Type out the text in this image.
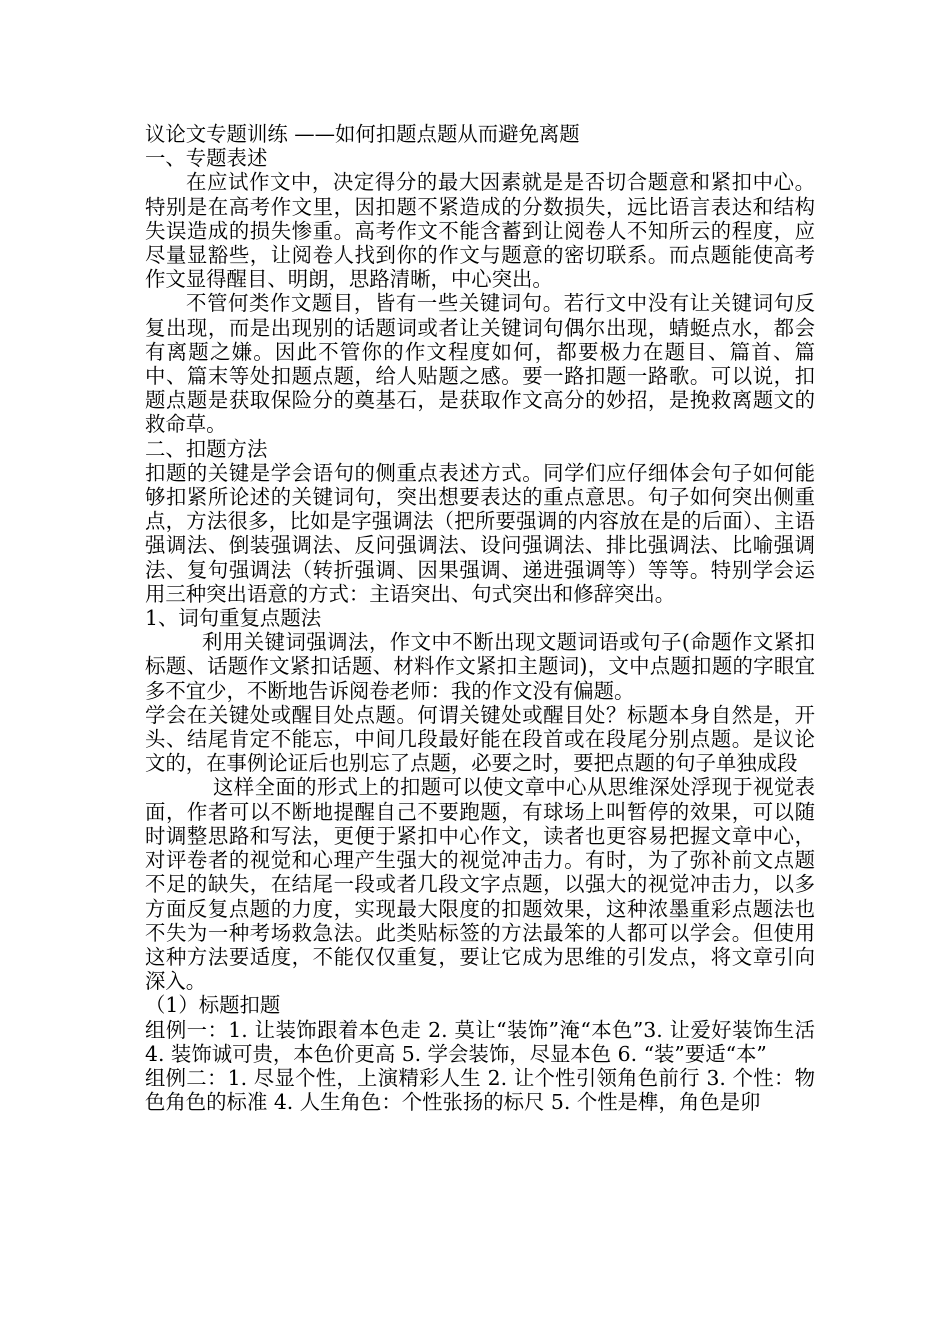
议论文专题训练 ——如何扣题点题从而避免离题

一、专题表述

在应试作文中，决定得分的最大因素就是是否切合题意和紧扣中心。特别是在高考作文里，因扣题不紧造成的分数损失，远比语言表达和结构失误造成的损失惨重。高考作文不能含蓄到让阅卷人不知所云的程度，应尽量显豁些，让阅卷人找到你的作文与题意的密切联系。而点题能使高考作文显得醒目、明朗，思路清晰，中心突出。

不管何类作文题目，皆有一些关键词句。若行文中没有让关键词句反复出现，而是出现别的话题词或者让关键词句偶尔出现，蜻蜓点水，都会有离题之嫌。因此不管你的作文程度如何，都要极力在题目、篇首、篇中、篇末等处扣题点题，给人贴题之感。要一路扣题一路歌。可以说，扣题点题是获取保险分的奠基石，是获取作文高分的妙招，是挽救离题文的救命草。

二、扣题方法

扣题的关键是学会语句的侧重点表述方式。同学们应仔细体会句子如何能够扣紧所论述的关键词句，突出想要表达的重点意思。句子如何突出侧重点，方法很多，比如是字强调法（把所要强调的内容放在是的后面）、主语强调法、倒装强调法、反问强调法、设问强调法、排比强调法、比喻强调法、复句强调法（转折强调、因果强调、递进强调等）等等。特别学会运用三种突出语意的方式：主语突出、句式突出和修辞突出。

1、词句重复点题法

利用关键词强调法，作文中不断出现文题词语或句子(命题作文紧扣标题、话题作文紧扣话题、材料作文紧扣主题词)，文中点题扣题的字眼宜多不宜少，不断地告诉阅卷老师：我的作文没有偏题。

学会在关键处或醒目处点题。何谓关键处或醒目处？标题本身自然是，开头、结尾肯定不能忘，中间几段最好能在段首或在段尾分别点题。是议论文的，在事例论证后也别忘了点题，必要之时，要把点题的句子单独成段

这样全面的形式上的扣题可以使文章中心从思维深处浮现于视觉表面，作者可以不断地提醒自己不要跑题，有球场上叫暂停的效果，可以随时调整思路和写法，更便于紧扣中心作文，读者也更容易把握文章中心，对评卷者的视觉和心理产生强大的视觉冲击力。有时，为了弥补前文点题不足的缺失，在结尾一段或者几段文字点题，以强大的视觉冲击力，以多方面反复点题的力度，实现最大限度的扣题效果，这种浓墨重彩点题法也不失为一种考场救急法。此类贴标签的方法最笨的人都可以学会。但使用这种方法要适度，不能仅仅重复，要让它成为思维的引发点，将文章引向深入。

（1）标题扣题

组例一：1. 让装饰跟着本色走 2. 莫让“装饰”淹“本色”3. 让爱好装饰生活 4. 装饰诚可贵，本色价更高 5. 学会装饰，尽显本色 6. “装”要适“本”

组例二：1. 尽显个性，上演精彩人生 2. 让个性引领角色前行 3. 个性：物色角色的标准 4. 人生角色：个性张扬的标尺 5. 个性是榫，角色是卯
